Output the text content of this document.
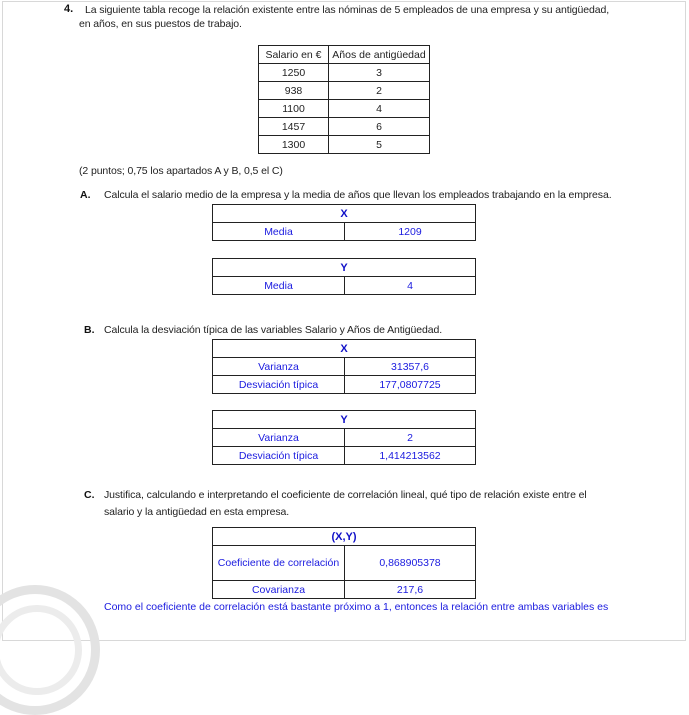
4. La siguiente tabla recoge la relación existente entre las nóminas de 5 empleados de una empresa y su antigüedad,
en años, en sus puestos de trabajo.
Salario en €	Años de antigüedad
1250	3
938	2
1100	4
1457	6
1300	5
(2 puntos; 0,75 los apartados A y B, 0,5 el C)
A. Calcula el salario medio de la empresa y la media de años que llevan los empleados trabajando en la empresa.
X
Media	1209
Y
Media	4
B. Calcula la desviación típica de las variables Salario y Años de Antigüedad.
X	
Varianza	31357,6
Desviación típica	177,0807725
Y	
Varianza	2
Desviación típica	1,414213562
C. Justifica, calculando e interpretando el coeficiente de correlación lineal, qué tipo de relación existe entre el
salario y la antigüedad en esta empresa.
(X,Y)	
Coeficiente de correlación	0,868905378
Covarianza	217,6
Como el coeficiente de correlación está bastante próximo a 1, entonces la relación entre ambas variables es
